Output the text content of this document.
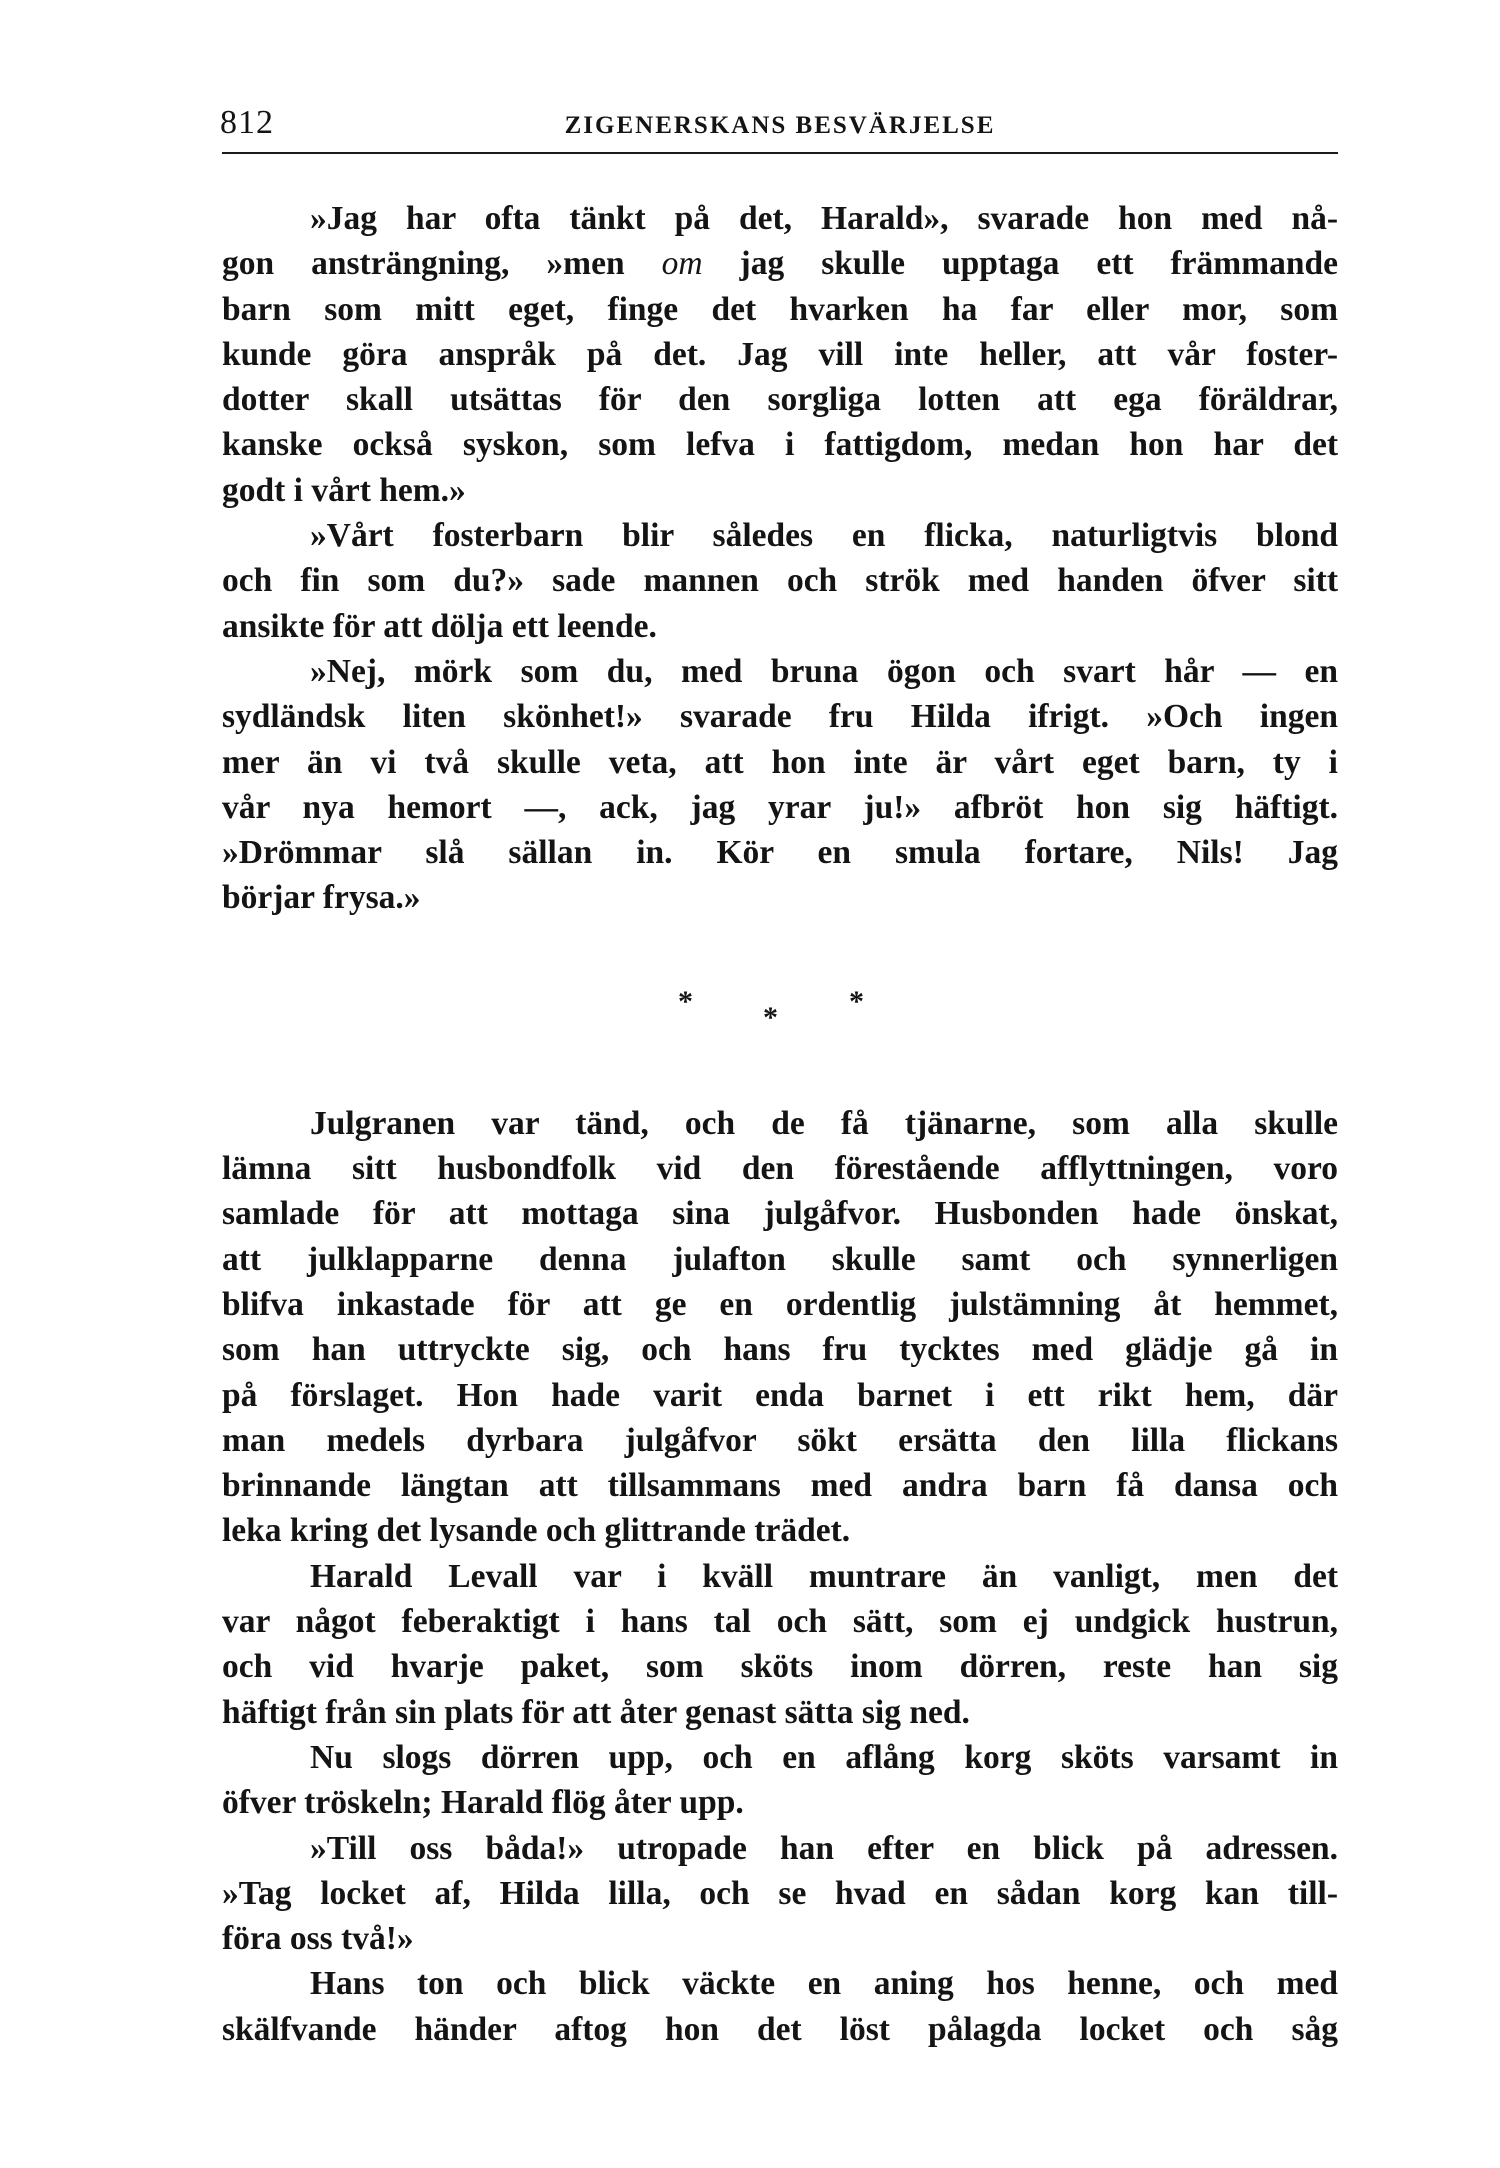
812	ZIGENERSKANS BESVÄRJELSE
»Jag har ofta tänkt på det, Harald», svarade hon med nå-
gon ansträngning, »men om jag skulle upptaga ett främmande
barn som mitt eget, finge det hvarken ha far eller mor, som
kunde göra anspråk på det. Jag vill inte heller, att vår foster-
dotter skall utsättas för den sorgliga lotten att ega föräldrar,
kanske också syskon, som lefva i fattigdom, medan hon har det
godt i vårt hem.»
»Vårt fosterbarn blir således en flicka, naturligtvis blond
och fin som du?» sade mannen och strök med handen öfver sitt
ansikte för att dölja ett leende.
»Nej, mörk som du, med bruna ögon och svart hår — en
sydländsk liten skönhet!» svarade fru Hilda ifrigt. »Och ingen
mer än vi två skulle veta, att hon inte är vårt eget barn, ty i
vår nya hemort —, ack, jag yrar ju!» afbröt hon sig häftigt.
»Drömmar slå sällan in. Kör en smula fortare, Nils! Jag
börjar frysa.»
* * *
Julgranen var tänd, och de få tjänarne, som alla skulle
lämna sitt husbondfolk vid den förestående afflyttningen, voro
samlade för att mottaga sina julgåfvor. Husbonden hade önskat,
att julklapparne denna julafton skulle samt och synnerligen
blifva inkastade för att ge en ordentlig julstämning åt hemmet,
som han uttryckte sig, och hans fru tycktes med glädje gå in
på förslaget. Hon hade varit enda barnet i ett rikt hem, där
man medels dyrbara julgåfvor sökt ersätta den lilla flickans
brinnande längtan att tillsammans med andra barn få dansa och
leka kring det lysande och glittrande trädet.
Harald Levall var i kväll muntrare än vanligt, men det
var något feberaktigt i hans tal och sätt, som ej undgick hustrun,
och vid hvarje paket, som sköts inom dörren, reste han sig
häftigt från sin plats för att åter genast sätta sig ned.
Nu slogs dörren upp, och en aflång korg sköts varsamt in
öfver tröskeln; Harald flög åter upp.
»Till oss båda!» utropade han efter en blick på adressen.
»Tag locket af, Hilda lilla, och se hvad en sådan korg kan till-
föra oss två!»
Hans ton och blick väckte en aning hos henne, och med
skälfvande händer aftog hon det löst pålagda locket och såg
